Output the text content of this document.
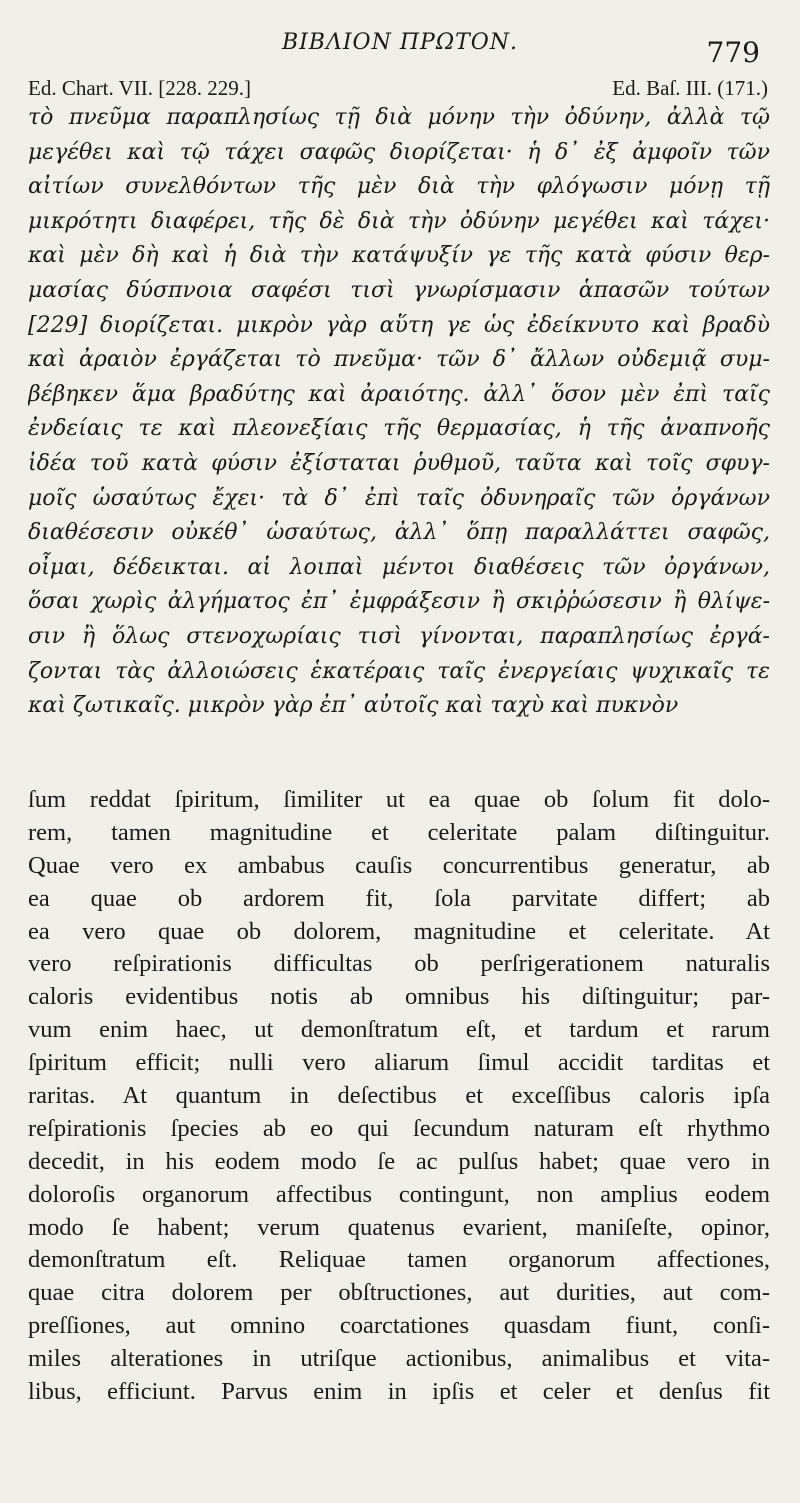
ΒΙΒΛΙΟΝ ΠΡΩΤΟΝ.	779
Ed. Chart. VII. [228. 229.]	Ed. Baſ. III. (171.)
τὸ πνεῦμα παραπλησίως τῇ διὰ μόνην τὴν ὀδύνην, ἀλλὰ τῷ
μεγέθει καὶ τῷ τάχει σαφῶς διορίζεται· ἡ δ᾽ ἐξ ἀμφοῖν τῶν
αἰτίων συνελθόντων τῆς μὲν διὰ τὴν φλόγωσιν μόνῃ τῇ
μικρότητι διαφέρει, τῆς δὲ διὰ τὴν ὀδύνην μεγέθει καὶ τάχει·
καὶ μὲν δὴ καὶ ἡ διὰ τὴν κατάψυξίν γε τῆς κατὰ φύσιν θερ-
μασίας δύσπνοια σαφέσι τισὶ γνωρίσμασιν ἁπασῶν τούτων
[229] διορίζεται. μικρὸν γὰρ αὕτη γε ὡς ἐδείκνυτο καὶ βραδὺ
καὶ ἀραιὸν ἐργάζεται τὸ πνεῦμα· τῶν δ᾽ ἄλλων οὐδεμιᾷ συμ-
βέβηκεν ἅμα βραδύτης καὶ ἀραιότης. ἀλλ᾽ ὅσον μὲν ἐπὶ ταῖς
ἐνδείαις τε καὶ πλεονεξίαις τῆς θερμασίας, ἡ τῆς ἀναπνοῆς
ἰδέα τοῦ κατὰ φύσιν ἐξίσταται ῥυθμοῦ, ταῦτα καὶ τοῖς σφυγ-
μοῖς ὡσαύτως ἔχει· τὰ δ᾽ ἐπὶ ταῖς ὀδυνηραῖς τῶν ὀργάνων
διαθέσεσιν οὐκέθ᾽ ὡσαύτως, ἀλλ᾽ ὅπῃ παραλλάττει σαφῶς,
οἶμαι, δέδεικται. αἱ λοιπαὶ μέντοι διαθέσεις τῶν ὀργάνων,
ὅσαι χωρὶς ἀλγήματος ἐπ᾽ ἐμφράξεσιν ἢ σκιῤῥώσεσιν ἢ θλίψε-
σιν ἢ ὅλως στενοχωρίαις τισὶ γίνονται, παραπλησίως ἐργά-
ζονται τὰς ἀλλοιώσεις ἑκατέραις ταῖς ἐνεργείαις ψυχικαῖς τε
καὶ ζωτικαῖς. μικρὸν γὰρ ἐπ᾽ αὐτοῖς καὶ ταχὺ καὶ πυκνὸν
ſum reddat ſpiritum, ſimiliter ut ea quae ob ſolum fit dolo-
rem, tamen magnitudine et celeritate palam diſtinguitur.
Quae vero ex ambabus cauſis concurrentibus generatur, ab
ea quae ob ardorem fit, ſola parvitate differt; ab
ea vero quae ob dolorem, magnitudine et celeritate. At
vero reſpirationis difficultas ob perſrigerationem naturalis
caloris evidentibus notis ab omnibus his diſtinguitur; par-
vum enim haec, ut demonſtratum eſt, et tardum et rarum
ſpiritum efficit; nulli vero aliarum ſimul accidit tarditas et
raritas. At quantum in deſectibus et exceſſibus caloris ipſa
reſpirationis ſpecies ab eo qui ſecundum naturam eſt rhythmo
decedit, in his eodem modo ſe ac pulſus habet; quae vero in
doloroſis organorum affectibus contingunt, non amplius eodem
modo ſe habent; verum quatenus evarient, maniſeſte, opinor,
demonſtratum eſt. Reliquae tamen organorum affectiones,
quae citra dolorem per obſtructiones, aut durities, aut com-
preſſiones, aut omnino coarctationes quasdam fiunt, conſi-
miles alterationes in utriſque actionibus, animalibus et vita-
libus, efficiunt. Parvus enim in ipſis et celer et denſus fit
